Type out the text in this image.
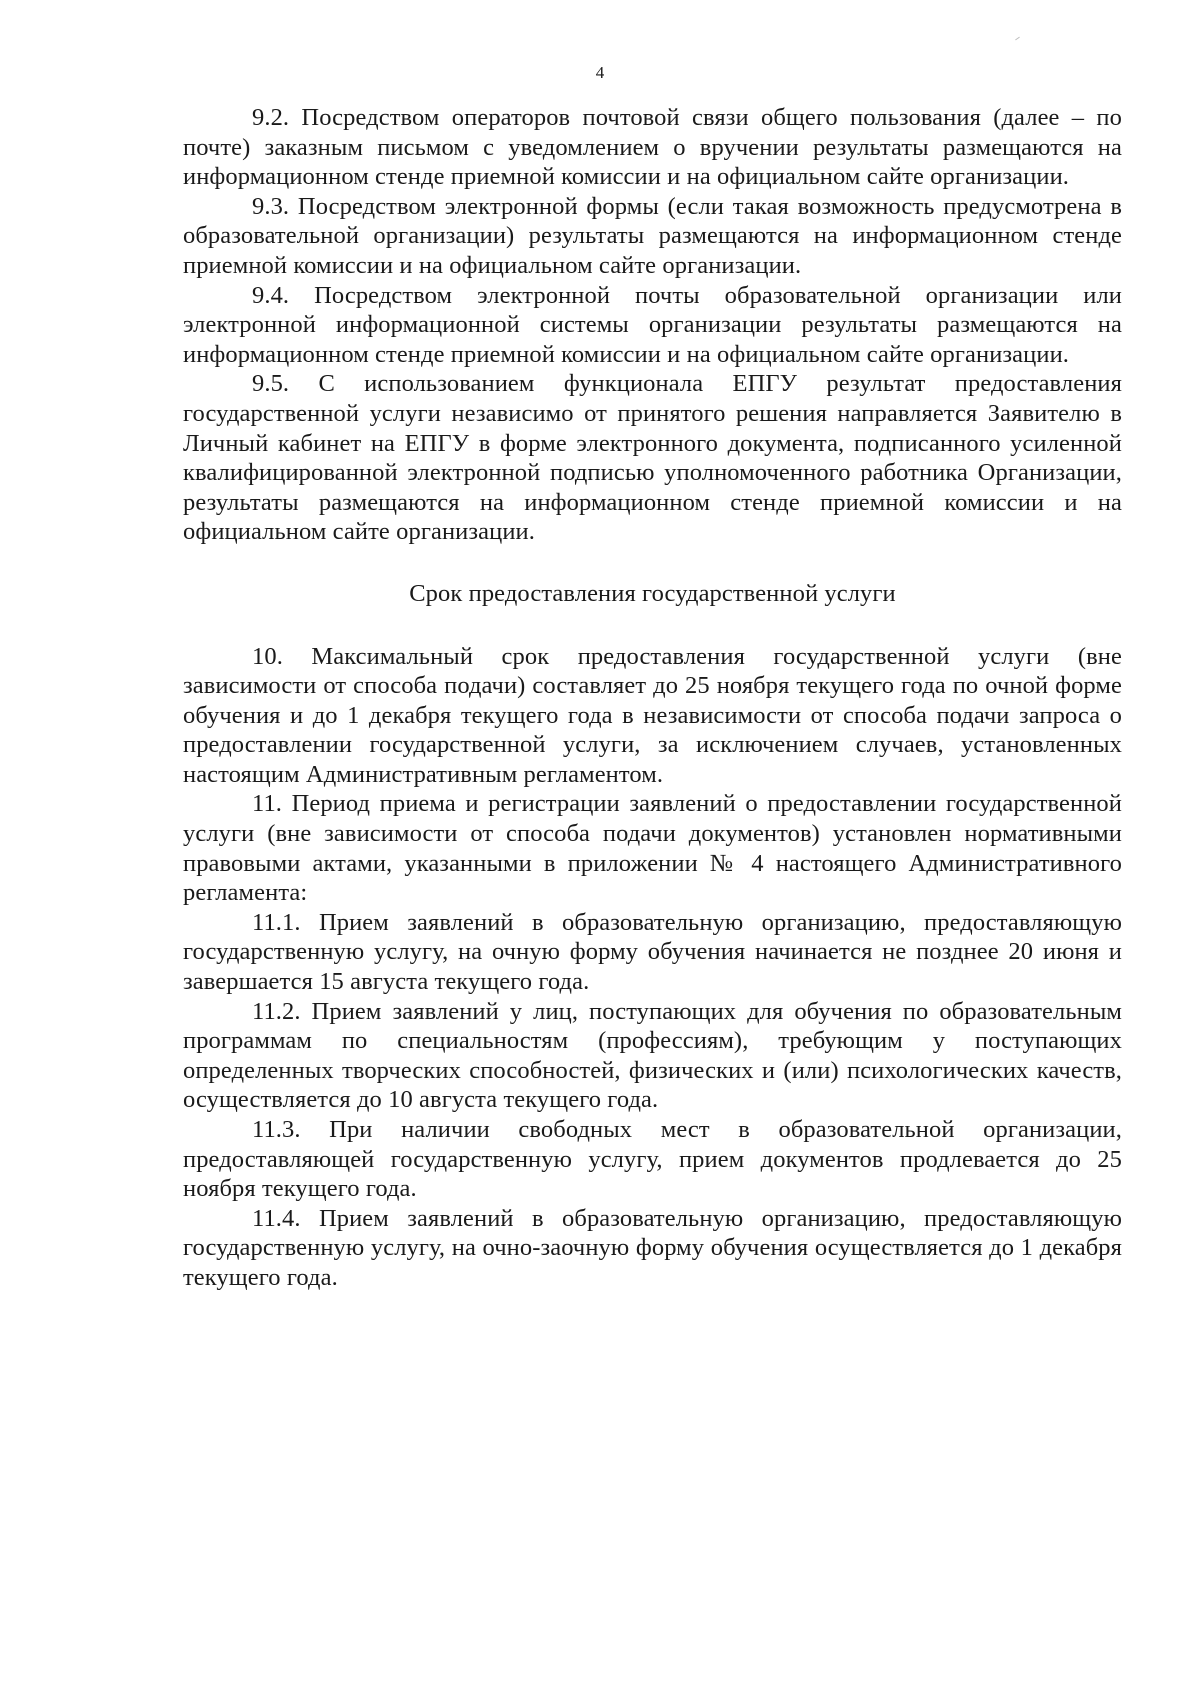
4

9.2. Посредством операторов почтовой связи общего пользования (далее – по почте) заказным письмом с уведомлением о вручении результаты размещаются на информационном стенде приемной комиссии и на официальном сайте организации.

9.3. Посредством электронной формы (если такая возможность предусмотрена в образовательной организации) результаты размещаются на информационном стенде приемной комиссии и на официальном сайте организации.

9.4. Посредством электронной почты образовательной организации или электронной информационной системы организации результаты размещаются на информационном стенде приемной комиссии и на официальном сайте организации.

9.5. С использованием функционала ЕПГУ результат предоставления государственной услуги независимо от принятого решения направляется Заявителю в Личный кабинет на ЕПГУ в форме электронного документа, подписанного усиленной квалифицированной электронной подписью уполномоченного работника Организации, результаты размещаются на информационном стенде приемной комиссии и на официальном сайте организации.

Срок предоставления государственной услуги

10. Максимальный срок предоставления государственной услуги (вне зависимости от способа подачи) составляет до 25 ноября текущего года по очной форме обучения и до 1 декабря текущего года в независимости от способа подачи запроса о предоставлении государственной услуги, за исключением случаев, установленных настоящим Административным регламентом.

11. Период приема и регистрации заявлений о предоставлении государственной услуги (вне зависимости от способа подачи документов) установлен нормативными правовыми актами, указанными в приложении № 4 настоящего Административного регламента:

11.1. Прием заявлений в образовательную организацию, предоставляющую государственную услугу, на очную форму обучения начинается не позднее 20 июня и завершается 15 августа текущего года.

11.2. Прием заявлений у лиц, поступающих для обучения по образовательным программам по специальностям (профессиям), требующим у поступающих определенных творческих способностей, физических и (или) психологических качеств, осуществляется до 10 августа текущего года.

11.3. При наличии свободных мест в образовательной организации, предоставляющей государственную услугу, прием документов продлевается до 25 ноября текущего года.

11.4. Прием заявлений в образовательную организацию, предоставляющую государственную услугу, на очно-заочную форму обучения осуществляется до 1 декабря текущего года.
